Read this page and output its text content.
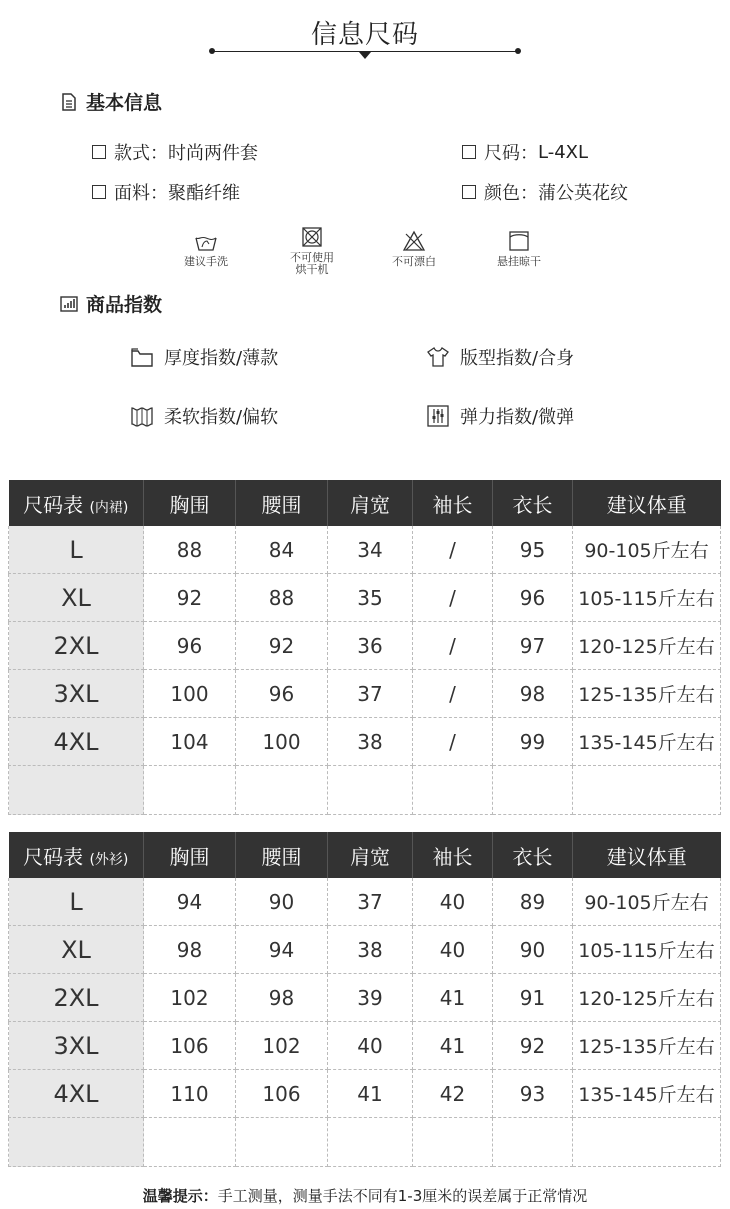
信息尺码
基本信息
款式： 时尚两件套	尺码： L-4XL
面料： 聚酯纤维	颜色： 蒲公英花纹
建议手洗	不可使用
烘干机
不可漂白	悬挂晾干
商品指数
厚度指数/薄款	版型指数/合身
柔软指数/偏软	弹力指数/微弹
尺码表 (内裙)	胸围	腰围	肩宽	袖长	衣长	建议体重
L	88	84	34	/	95	90-105斤左右
XL	92	88	35	/	96	105-115斤左右
2XL	96	92	36	/	97	120-125斤左右
3XL	100	96	37	/	98	125-135斤左右
4XL	104	100	38	/	99	135-145斤左右

尺码表 (外衫)	胸围	腰围	肩宽	袖长	衣长	建议体重
L	94	90	37	40	89	90-105斤左右
XL	98	94	38	40	90	105-115斤左右
2XL	102	98	39	41	91	120-125斤左右
3XL	106	102	40	41	92	125-135斤左右
4XL	110	106	41	42	93	135-145斤左右

温馨提示：手工测量，测量手法不同有1-3厘米的误差属于正常情况
